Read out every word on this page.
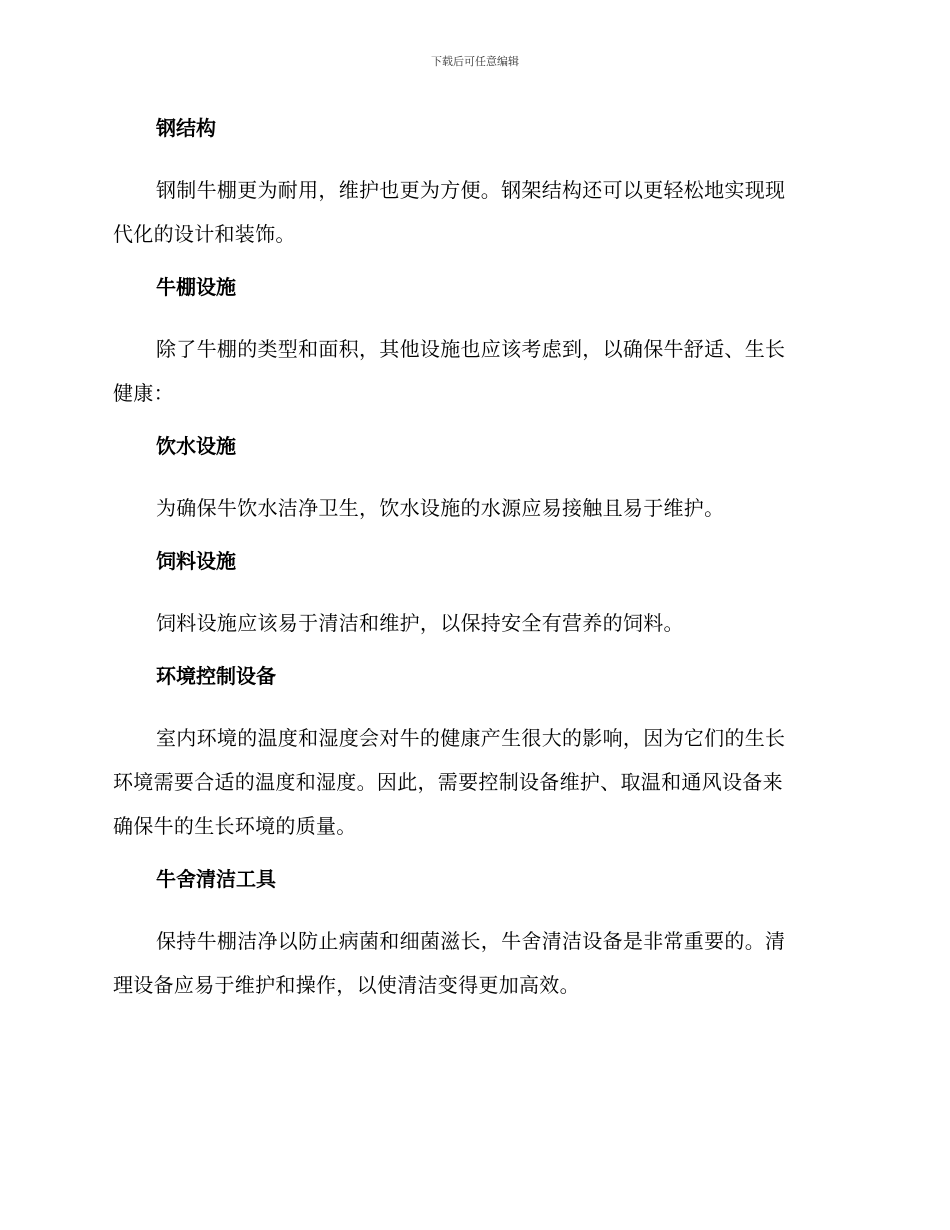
下载后可任意编辑
钢结构
钢制牛棚更为耐用，维护也更为方便。钢架结构还可以更轻松地实现现
代化的设计和装饰。
牛棚设施
除了牛棚的类型和面积，其他设施也应该考虑到，以确保牛舒适、生长
健康：
饮水设施
为确保牛饮水洁净卫生，饮水设施的水源应易接触且易于维护。
饲料设施
饲料设施应该易于清洁和维护，以保持安全有营养的饲料。
环境控制设备
室内环境的温度和湿度会对牛的健康产生很大的影响，因为它们的生长
环境需要合适的温度和湿度。因此，需要控制设备维护、取温和通风设备来
确保牛的生长环境的质量。
牛舍清洁工具
保持牛棚洁净以防止病菌和细菌滋长，牛舍清洁设备是非常重要的。清
理设备应易于维护和操作，以使清洁变得更加高效。
